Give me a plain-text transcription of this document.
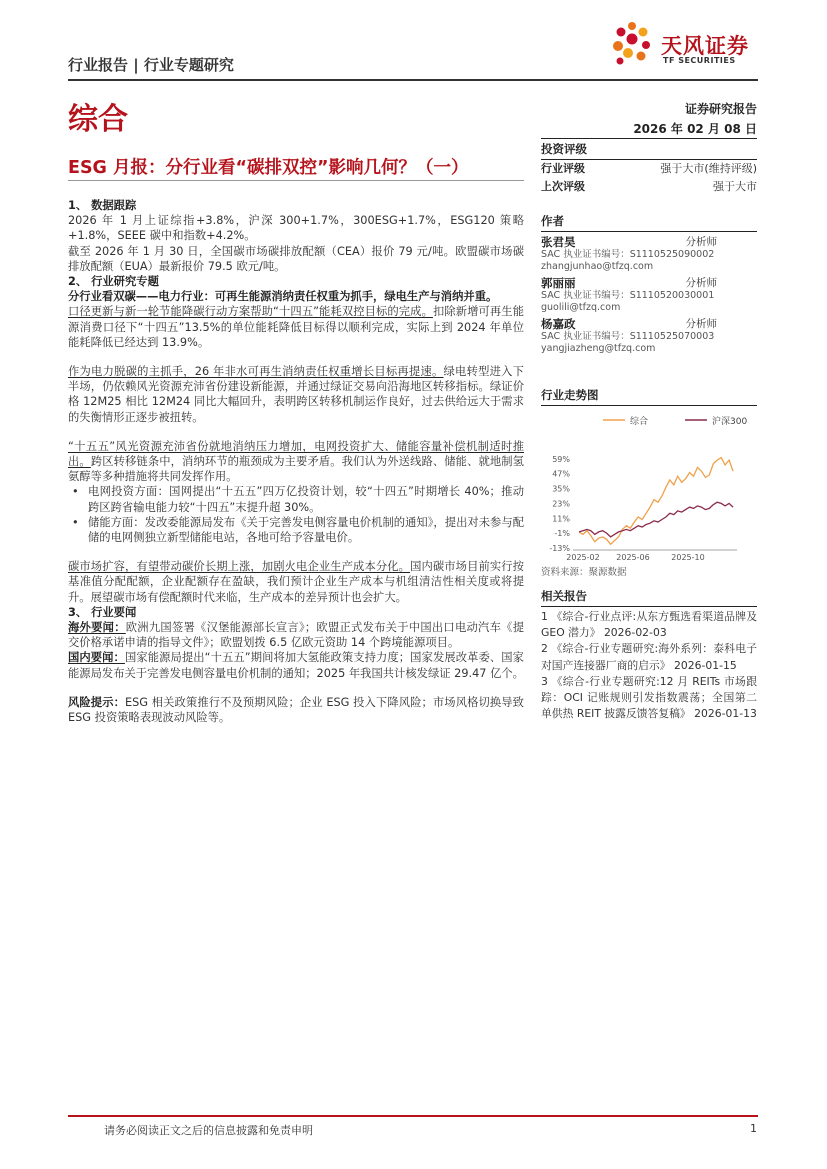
天风证券
TF SECURITIES
行业报告 | 行业专题研究
综合	证券研究报告
2026 年 02 月 08 日
ESG 月报：分行业看“碳排双控”影响几何？（一）

1、 数据跟踪

2026 年 1 月上证综指+3.8%，沪深 300+1.7%，300ESG+1.7%，ESG120 策略+1.8%，SEEE 碳中和指数+4.2%。

截至 2026 年 1 月 30 日，全国碳市场碳排放配额（CEA）报价 79 元/吨。欧盟碳市场碳排放配额（EUA）最新报价 79.5 欧元/吨。

2、 行业研究专题

分行业看双碳——电力行业：可再生能源消纳责任权重为抓手，绿电生产与消纳并重。

口径更新与新一轮节能降碳行动方案帮助“十四五”能耗双控目标的完成。扣除新增可再生能源消费口径下“十四五”13.5%的单位能耗降低目标得以顺利完成，实际上到 2024 年单位能耗降低已经达到 13.9%。

作为电力脱碳的主抓手，26 年非水可再生消纳责任权重增长目标再提速。绿电转型进入下半场，仍依赖风光资源充沛省份建设新能源，并通过绿证交易向沿海地区转移指标。绿证价格 12M25 相比 12M24 同比大幅回升，表明跨区转移机制运作良好，过去供给远大于需求的失衡情形正逐步被扭转。

“十五五”风光资源充沛省份就地消纳压力增加，电网投资扩大、储能容量补偿机制适时推出。跨区转移链条中，消纳环节的瓶颈成为主要矛盾。我们认为外送线路、储能、就地制氢氨醇等多种措施将共同发挥作用。

• 电网投资方面：国网提出“十五五”四万亿投资计划，较“十四五”时期增长 40%；推动跨区跨省输电能力较“十四五”末提升超 30%。

• 储能方面：发改委能源局发布《关于完善发电侧容量电价机制的通知》，提出对未参与配储的电网侧独立新型储能电站，各地可给予容量电价。

碳市场扩容，有望带动碳价长期上涨，加剧火电企业生产成本分化。国内碳市场目前实行按基准值分配配额，企业配额存在盈缺，我们预计企业生产成本与机组清洁性相关度或将提升。展望碳市场有偿配额时代来临，生产成本的差异预计也会扩大。

3、 行业要闻

海外要闻：欧洲九国签署《汉堡能源部长宣言》；欧盟正式发布关于中国出口电动汽车《提交价格承诺申请的指导文件》；欧盟划拨 6.5 亿欧元资助 14 个跨境能源项目。

国内要闻：国家能源局提出“十五五”期间将加大氢能政策支持力度；国家发展改革委、国家能源局发布关于完善发电侧容量电价机制的通知；2025 年我国共计核发绿证 29.47 亿个。

风险提示：ESG 相关政策推行不及预期风险；企业 ESG 投入下降风险；市场风格切换导致 ESG 投资策略表现波动风险等。

投资评级
行业评级	强于大市(维持评级)
上次评级	强于大市
作者
张君昊	分析师
SAC 执业证书编号：S1110525090002
zhangjunhao@tfzq.com
郭丽丽	分析师
SAC 执业证书编号：S1110520030001
guolili@tfzq.com
杨嘉政	分析师
SAC 执业证书编号：S1110525070003
yangjiazheng@tfzq.com
行业走势图
综合	沪深300
59%
47%
35%
23%
11%
-1%
-13%
2025-02 2025-06	2025-10
资料来源：聚源数据
相关报告
1 《综合-行业点评:从东方甄选看渠道品牌及 GEO 潜力》 2026-02-03
2 《综合-行业专题研究:海外系列：泰科电子对国产连接器厂商的启示》 2026-01-15
3 《综合-行业专题研究:12 月 REITs 市场跟踪：OCI 记账规则引发指数震荡；全国第二单供热 REIT 披露反馈答复稿》 2026-01-13
请务必阅读正文之后的信息披露和免责申明	1
